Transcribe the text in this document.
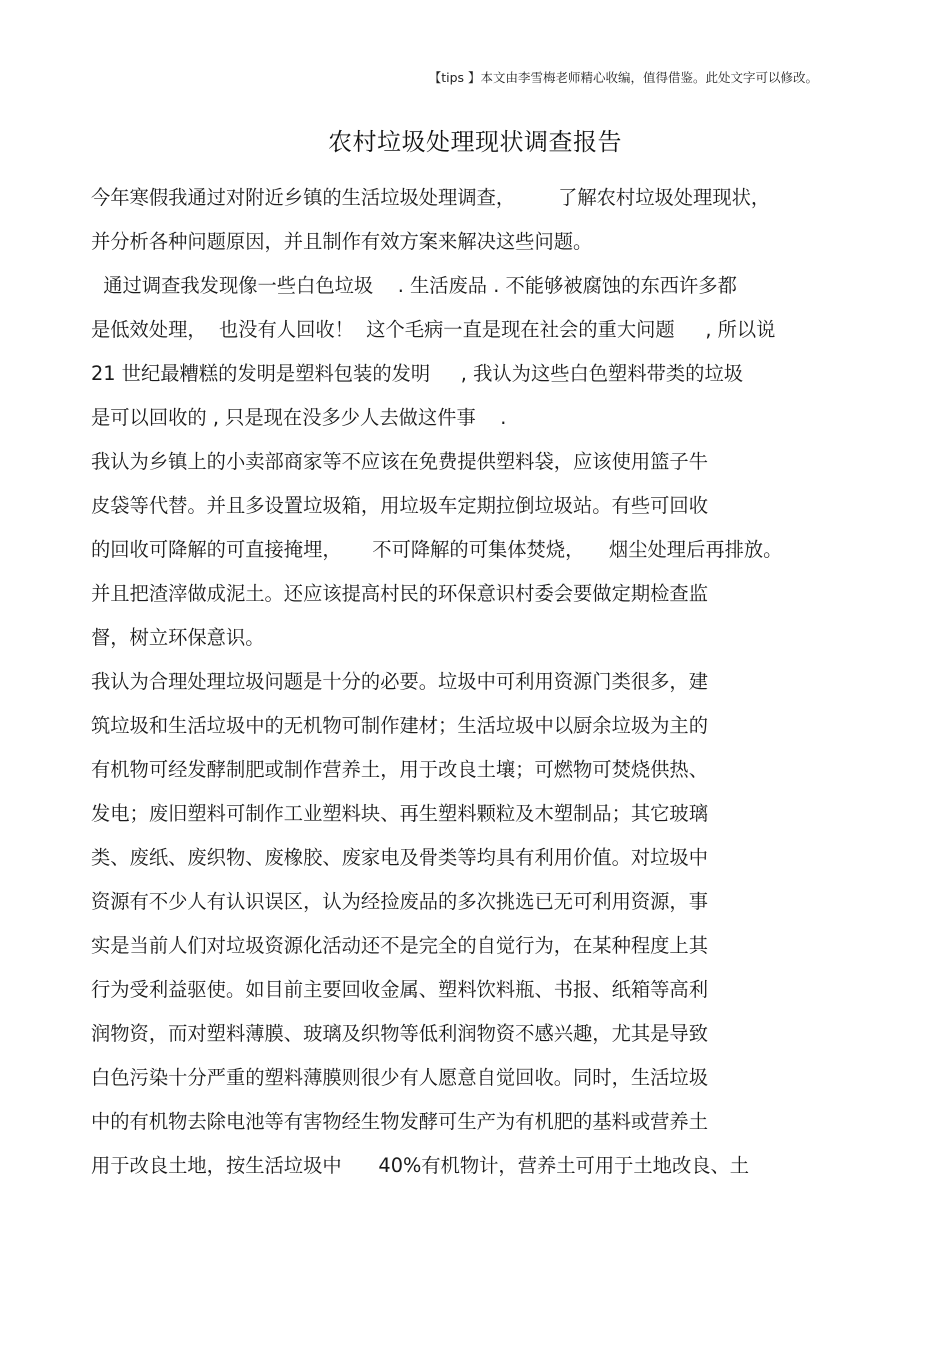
【tips 】本文由李雪梅老师精心收编，值得借鉴。此处文字可以修改。
农村垃圾处理现状调查报告
今年寒假我通过对附近乡镇的生活垃圾处理调查，       了解农村垃圾处理现状，
并分析各种问题原因，并且制作有效方案来解决这些问题。
通过调查我发现像一些白色垃圾    . 生活废品 . 不能够被腐蚀的东西许多都
是低效处理，  也没有人回收！  这个毛病一直是现在社会的重大问题     , 所以说
21 世纪最糟糕的发明是塑料包装的发明     , 我认为这些白色塑料带类的垃圾
是可以回收的 , 只是现在没多少人去做这件事    .
我认为乡镇上的小卖部商家等不应该在免费提供塑料袋，应该使用篮子牛
皮袋等代替。并且多设置垃圾箱，用垃圾车定期拉倒垃圾站。有些可回收
的回收可降解的可直接掩埋，     不可降解的可集体焚烧，    烟尘处理后再排放。
并且把渣滓做成泥土。还应该提高村民的环保意识村委会要做定期检查监
督，树立环保意识。
我认为合理处理垃圾问题是十分的必要。垃圾中可利用资源门类很多，建
筑垃圾和生活垃圾中的无机物可制作建材；生活垃圾中以厨余垃圾为主的
有机物可经发酵制肥或制作营养土，用于改良土壤；可燃物可焚烧供热、
发电；废旧塑料可制作工业塑料块、再生塑料颗粒及木塑制品；其它玻璃
类、废纸、废织物、废橡胶、废家电及骨类等均具有利用价值。对垃圾中
资源有不少人有认识误区，认为经捡废品的多次挑选已无可利用资源，事
实是当前人们对垃圾资源化活动还不是完全的自觉行为，在某种程度上其
行为受利益驱使。如目前主要回收金属、塑料饮料瓶、书报、纸箱等高利
润物资，而对塑料薄膜、玻璃及织物等低利润物资不感兴趣，尤其是导致
白色污染十分严重的塑料薄膜则很少有人愿意自觉回收。同时，生活垃圾
中的有机物去除电池等有害物经生物发酵可生产为有机肥的基料或营养土
用于改良土地，按生活垃圾中      40%有机物计，营养土可用于土地改良、土
